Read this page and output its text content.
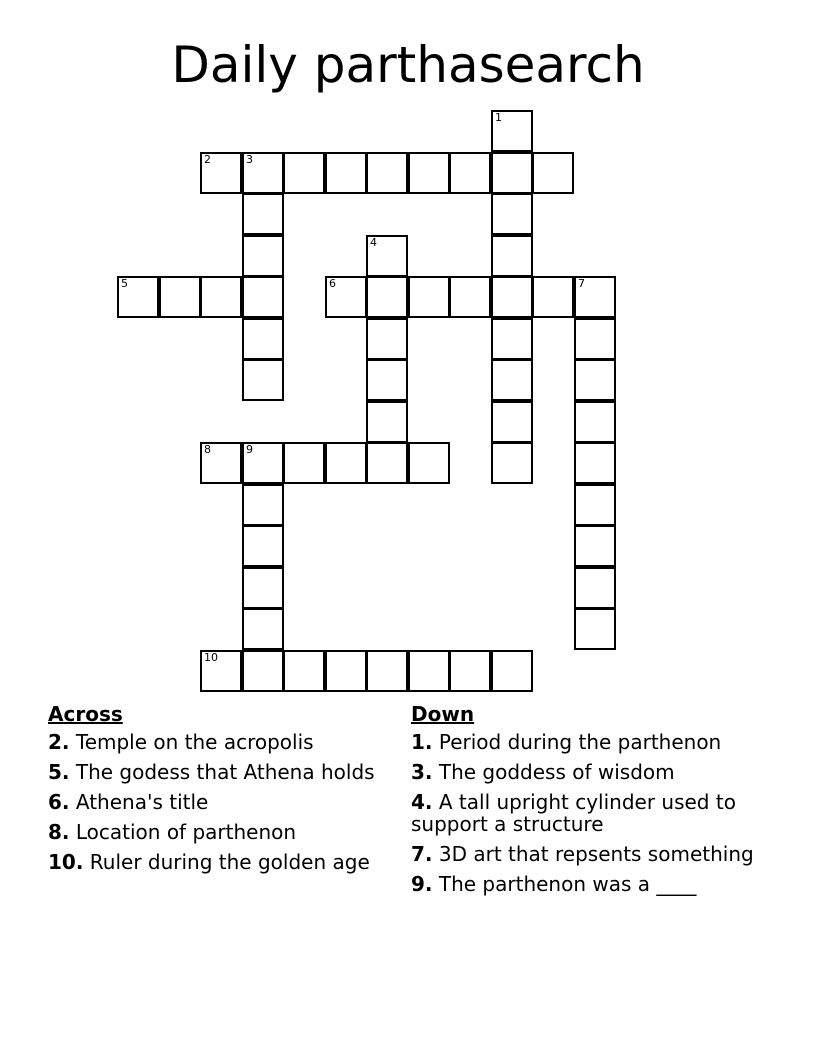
Daily parthasearch
1
2	3
4
5	6	7
8	9
10
Across
2. Temple on the acropolis
5. The godess that Athena holds
6. Athena's title
8. Location of parthenon
10. Ruler during the golden age
Down
1. Period during the parthenon
3. The goddess of wisdom
4. A tall upright cylinder used to support a structure
7. 3D art that repsents something
9. The parthenon was a ____
